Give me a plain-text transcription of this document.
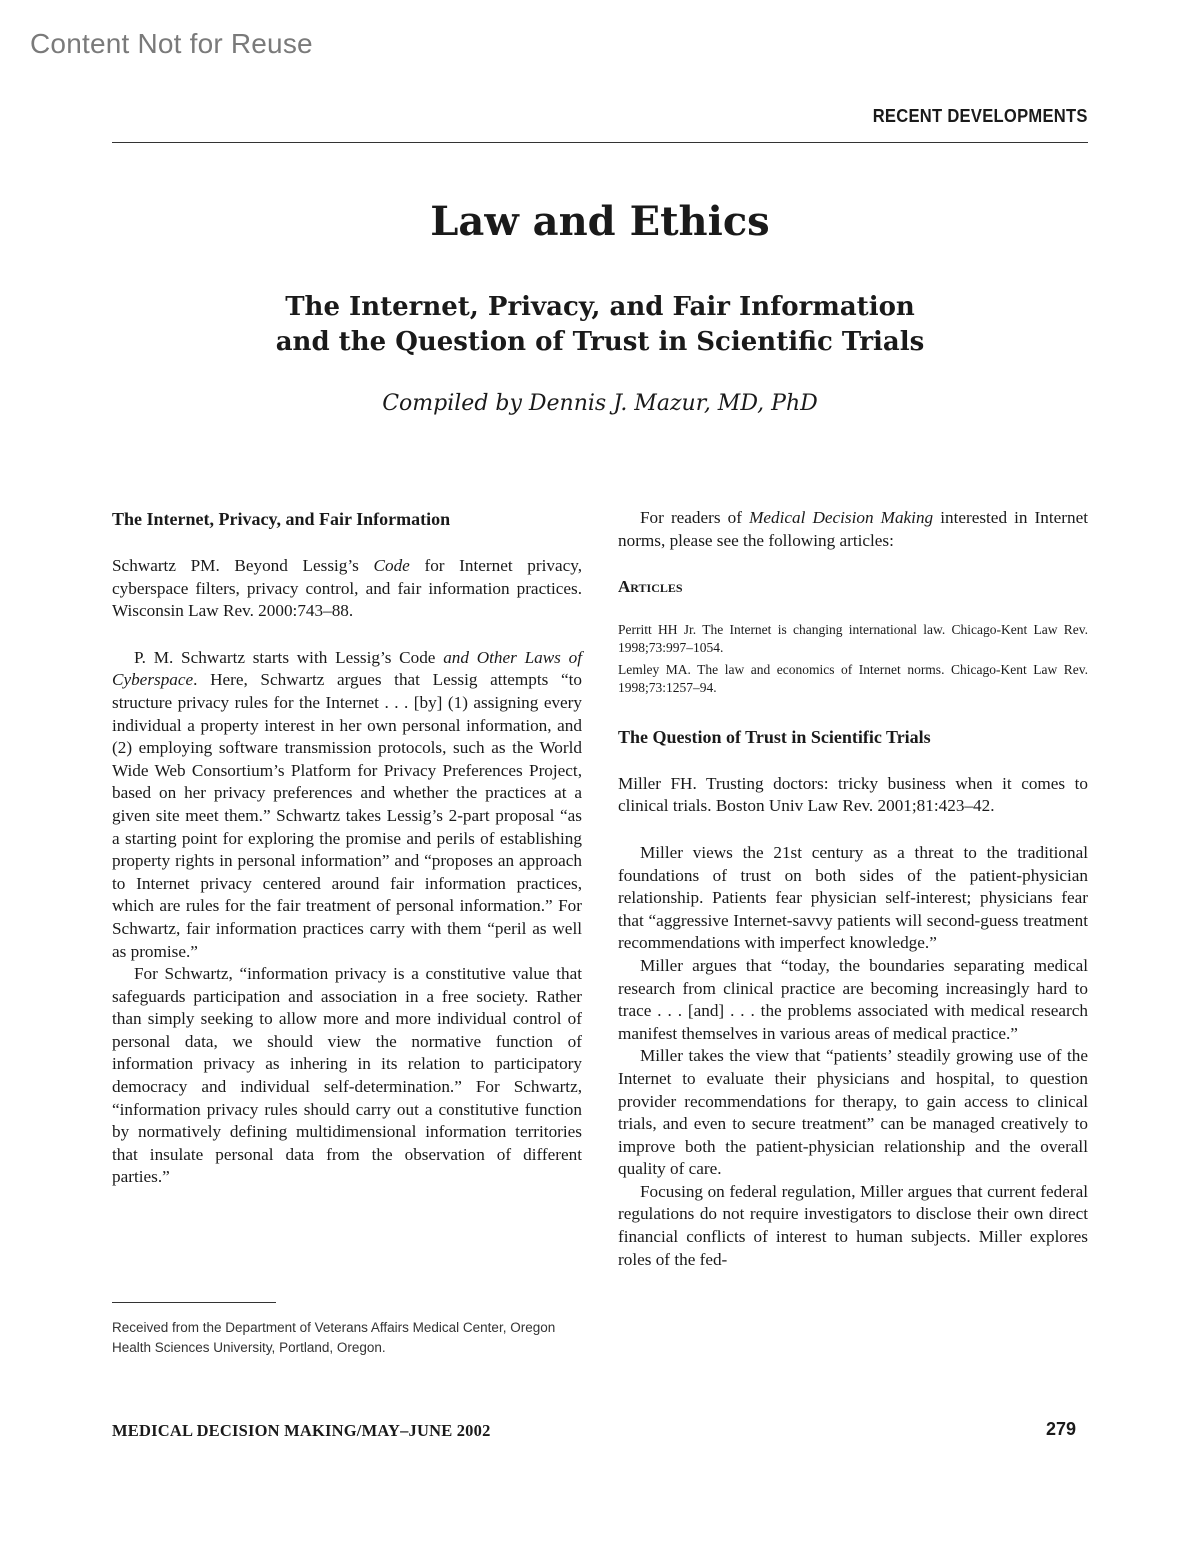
Content Not for Reuse
RECENT DEVELOPMENTS
Law and Ethics
The Internet, Privacy, and Fair Information
and the Question of Trust in Scientific Trials
Compiled by Dennis J. Mazur, MD, PhD
The Internet, Privacy, and Fair Information

Schwartz PM. Beyond Lessig’s Code for Internet privacy, cyberspace filters, privacy control, and fair information practices. Wisconsin Law Rev. 2000:743–88.

P. M. Schwartz starts with Lessig’s Code and Other Laws of Cyberspace. Here, Schwartz argues that Lessig attempts “to structure privacy rules for the Internet . . . [by] (1) assigning every individual a property interest in her own personal information, and (2) employing software transmission protocols, such as the World Wide Web Consortium’s Platform for Privacy Preferences Project, based on her privacy preferences and whether the practices at a given site meet them.” Schwartz takes Lessig’s 2-part proposal “as a starting point for exploring the promise and perils of establishing property rights in personal information” and “proposes an approach to Internet privacy centered around fair information practices, which are rules for the fair treatment of personal information.” For Schwartz, fair information practices carry with them “peril as well as promise.”

For Schwartz, “information privacy is a constitutive value that safeguards participation and association in a free society. Rather than simply seeking to allow more and more individual control of personal data, we should view the normative function of information privacy as inhering in its relation to participatory democracy and individual self-determination.” For Schwartz, “information privacy rules should carry out a constitutive function by normatively defining multidimensional information territories that insulate personal data from the observation of different parties.”

For readers of Medical Decision Making interested in Internet norms, please see the following articles:

Articles

Perritt HH Jr. The Internet is changing international law. Chicago-Kent Law Rev. 1998;73:997–1054.

Lemley MA. The law and economics of Internet norms. Chicago-Kent Law Rev. 1998;73:1257–94.

The Question of Trust in Scientific Trials

Miller FH. Trusting doctors: tricky business when it comes to clinical trials. Boston Univ Law Rev. 2001;81:423–42.

Miller views the 21st century as a threat to the traditional foundations of trust on both sides of the patient-physician relationship. Patients fear physician self-interest; physicians fear that “aggressive Internet-savvy patients will second-guess treatment recommendations with imperfect knowledge.”

Miller argues that “today, the boundaries separating medical research from clinical practice are becoming increasingly hard to trace . . . [and] . . . the problems associated with medical research manifest themselves in various areas of medical practice.”

Miller takes the view that “patients’ steadily growing use of the Internet to evaluate their physicians and hospital, to question provider recommendations for therapy, to gain access to clinical trials, and even to secure treatment” can be managed creatively to improve both the patient-physician relationship and the overall quality of care.

Focusing on federal regulation, Miller argues that current federal regulations do not require investigators to disclose their own direct financial conflicts of interest to human subjects. Miller explores roles of the fed-

Received from the Department of Veterans Affairs Medical Center, Oregon Health Sciences University, Portland, Oregon.
MEDICAL DECISION MAKING/MAY–JUNE 2002	279
